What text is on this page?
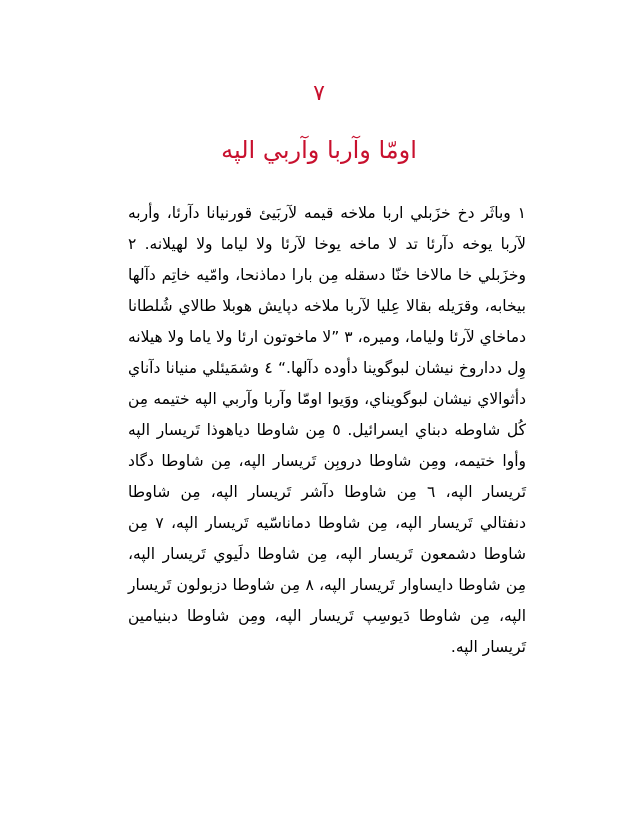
٧
اومّا وآربا وآربي الپه
١ وباثَر دخ خزَبلي اربا ملاخه قيمه لآربَيئ قورنيانا دآرئا، وأربه لآربا يوخه دآرئا تد لا ماخه يوخا لآرئا ولا لياما ولا لهيلانه. ٢ وخزَبلي خا مالاخا خنّا دسقله مِن بارا دماذنحا، وامّيه خاتِم دآلها بيخابه، وقرَيله بقالا عِليا لآربا ملاخه دپايش هوبلا طالاي شُلطانا دماخاي لآرئا ولياما، وميره، ٣ ”لا ماخوتون ارئا ولا ياما ولا هيلانه وِل دداروخ نيشان لبوگوينا دأوده دآلها.“ ٤ وشمَيئلي منيانا دآناي دأثوالاي نيشان لبوگويناي، ووَيوا اومّا وآربا وآربي الپه ختيمه مِن كُل شاوطه دبناي ايسرائيل. ٥ مِن شاوطا دياهوذا تَريسار الپه وأوا ختيمه، ومِن شاوطا دروبِن تَريسار الپه، مِن شاوطا دگاد تَريسار الپه، ٦ مِن شاوطا دآشر تَريسار الپه، مِن شاوطا دنفتالي تَريسار الپه، مِن شاوطا دماناسّيه تَريسار الپه، ٧ مِن شاوطا دشمعون تَريسار الپه، مِن شاوطا دلَيوي تَريسار الپه، مِن شاوطا دايساوار تَريسار الپه، ٨ مِن شاوطا دزبولون تَريسار الپه، مِن شاوطا دَيوسِپ تَريسار الپه، ومِن شاوطا دبنيامين تَريسار الپه.
